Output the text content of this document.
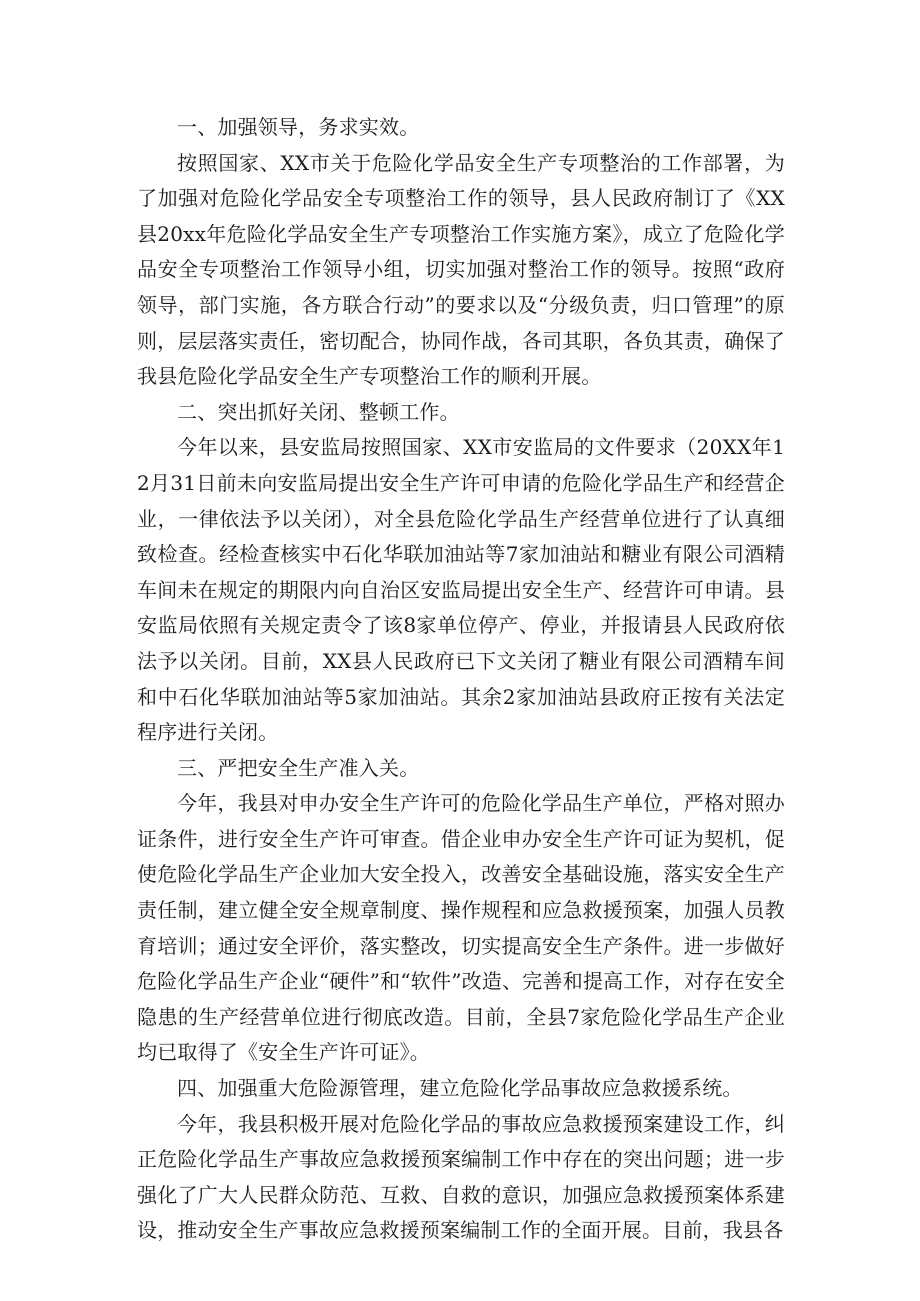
一、加强领导，务求实效。

按照国家、XX市关于危险化学品安全生产专项整治的工作部署，为了加强对危险化学品安全专项整治工作的领导，县人民政府制订了《XX县20xx年危险化学品安全生产专项整治工作实施方案》，成立了危险化学品安全专项整治工作领导小组，切实加强对整治工作的领导。按照“政府领导，部门实施，各方联合行动”的要求以及“分级负责，归口管理”的原则，层层落实责任，密切配合，协同作战，各司其职，各负其责，确保了我县危险化学品安全生产专项整治工作的顺利开展。

二、突出抓好关闭、整顿工作。

今年以来，县安监局按照国家、XX市安监局的文件要求（20XX年12月31日前未向安监局提出安全生产许可申请的危险化学品生产和经营企业，一律依法予以关闭），对全县危险化学品生产经营单位进行了认真细致检查。经检查核实中石化华联加油站等7家加油站和糖业有限公司酒精车间未在规定的期限内向自治区安监局提出安全生产、经营许可申请。县安监局依照有关规定责令了该8家单位停产、停业，并报请县人民政府依法予以关闭。目前，XX县人民政府已下文关闭了糖业有限公司酒精车间和中石化华联加油站等5家加油站。其余2家加油站县政府正按有关法定程序进行关闭。

三、严把安全生产准入关。

今年，我县对申办安全生产许可的危险化学品生产单位，严格对照办证条件，进行安全生产许可审查。借企业申办安全生产许可证为契机，促使危险化学品生产企业加大安全投入，改善安全基础设施，落实安全生产责任制，建立健全安全规章制度、操作规程和应急救援预案，加强人员教育培训；通过安全评价，落实整改，切实提高安全生产条件。进一步做好危险化学品生产企业“硬件”和“软件”改造、完善和提高工作，对存在安全隐患的生产经营单位进行彻底改造。目前，全县7家危险化学品生产企业均已取得了《安全生产许可证》。

四、加强重大危险源管理，建立危险化学品事故应急救援系统。

今年，我县积极开展对危险化学品的事故应急救援预案建设工作，纠正危险化学品生产事故应急救援预案编制工作中存在的突出问题；进一步强化了广大人民群众防范、互救、自救的意识，加强应急救援预案体系建设，推动安全生产事故应急救援预案编制工作的全面开展。目前，我县各
